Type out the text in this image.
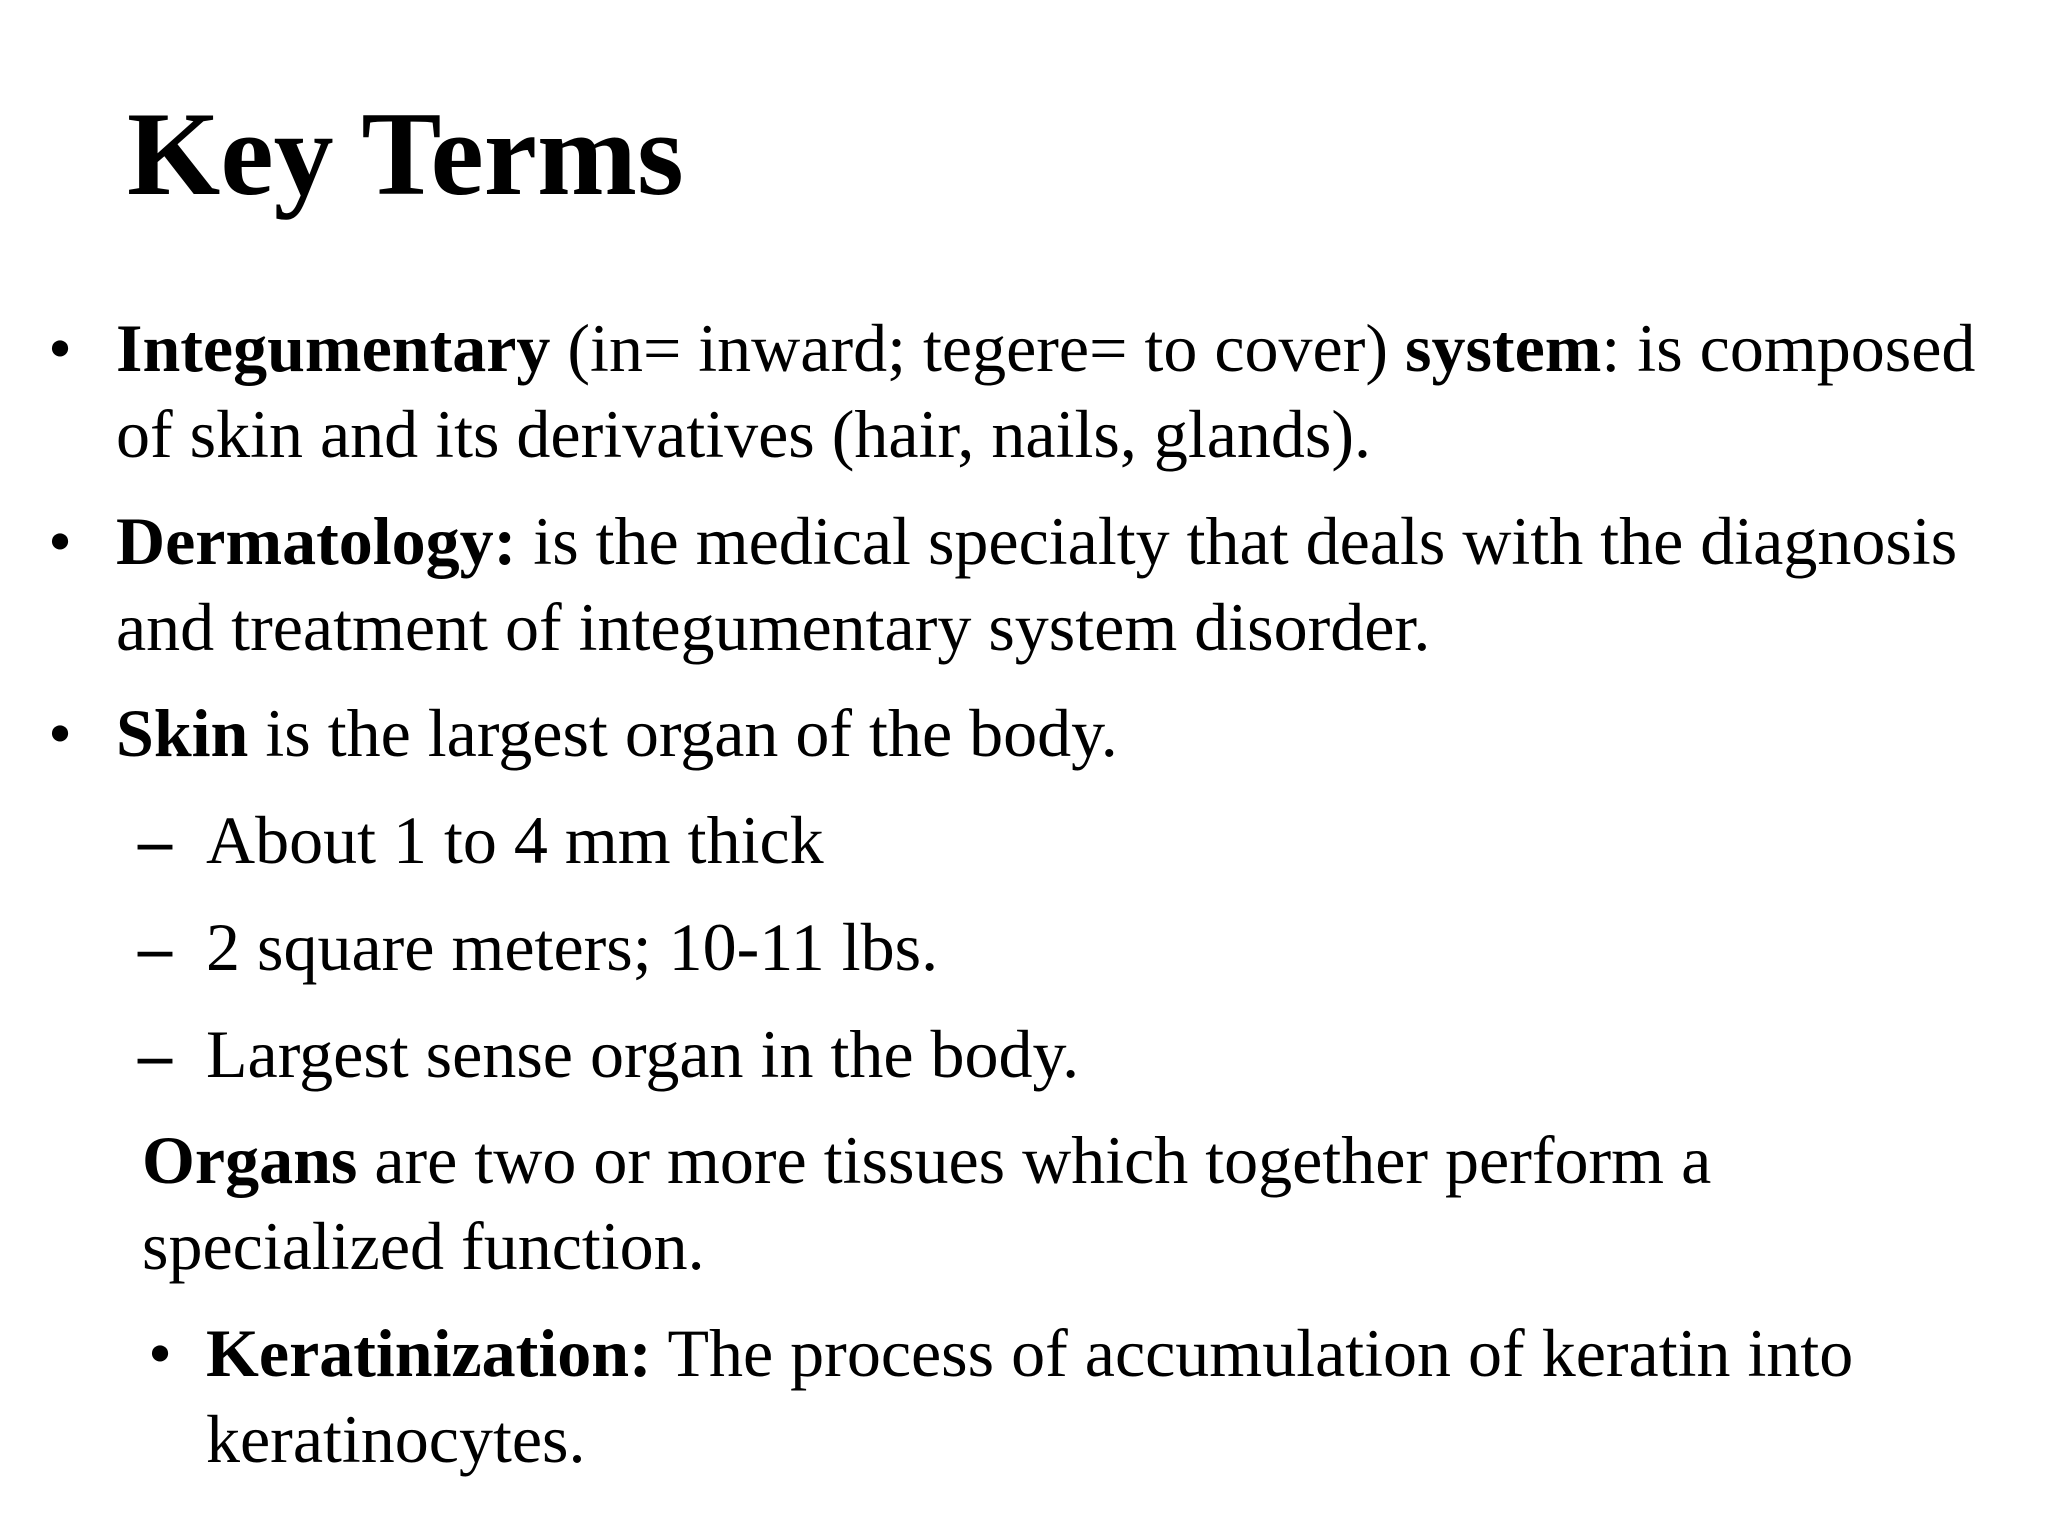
Key Terms
• Integumentary (in= inward; tegere= to cover) system: is composed of skin and its derivatives (hair, nails, glands).
• Dermatology: is the medical specialty that deals with the diagnosis and treatment of integumentary system disorder.
• Skin is the largest organ of the body.
– About 1 to 4 mm thick
– 2 square meters; 10-11 lbs.
– Largest sense organ in the body.
Organs are two or more tissues which together perform a specialized function.
• Keratinization: The process of accumulation of keratin into keratinocytes.
